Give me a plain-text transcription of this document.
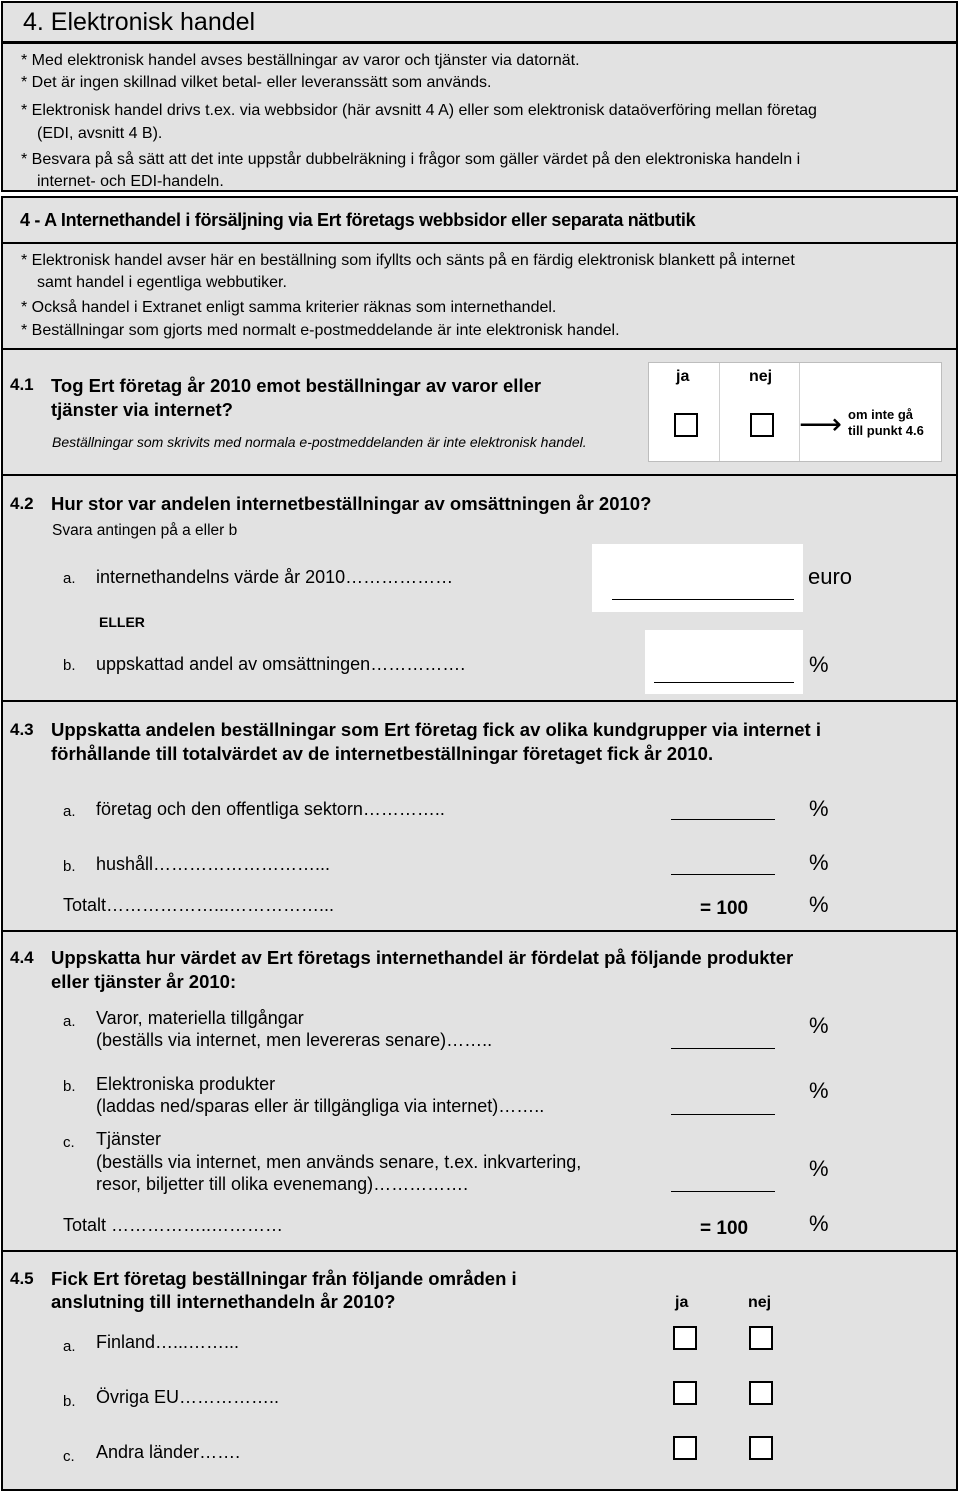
4. Elektronisk handel
* Med elektronisk handel avses beställningar av varor och tjänster via datornät.
* Det är ingen skillnad vilket betal- eller leveranssätt som används.
* Elektronisk handel drivs t.ex. via webbsidor (här avsnitt 4 A) eller som elektronisk dataöverföring mellan företag
(EDI, avsnitt 4 B).
* Besvara på så sätt att det inte uppstår dubbelräkning i frågor som gäller värdet på den elektroniska handeln i
internet- och EDI-handeln.
4 - A Internethandel i försäljning via Ert företags webbsidor eller separata nätbutik
* Elektronisk handel avser här en beställning som ifyllts och sänts på en färdig elektronisk blankett på internet
samt handel i egentliga webbutiker.
* Också handel i Extranet enligt samma kriterier räknas som internethandel.
* Beställningar som gjorts med normalt e-postmeddelande är inte elektronisk handel.
4.1 Tog Ert företag år 2010 emot beställningar av varor eller
tjänster via internet?
Beställningar som skrivits med normala e-postmeddelanden är inte elektronisk handel.
ja	nej
⟶ om inte gå
till punkt 4.6
4.2 Hur stor var andelen internetbeställningar av omsättningen år 2010?
Svara antingen på a eller b
a. internethandelns värde år 2010………………	euro
ELLER
b. uppskattad andel av omsättningen…………….	%
4.3 Uppskatta andelen beställningar som Ert företag fick av olika kundgrupper via internet i
förhållande till totalvärdet av de internetbeställningar företaget fick år 2010.
a. företag och den offentliga sektorn…………..	%
b. hushåll………………………...	%
Totalt………………...……………...	= 100	%
4.4 Uppskatta hur värdet av Ert företags internethandel är fördelat på följande produkter
eller tjänster år 2010:
a. Varor, materiella tillgångar
(beställs via internet, men levereras senare)……..
%
b. Elektroniska produkter
(laddas ned/sparas eller är tillgängliga via internet)……..
%
c. Tjänster
(beställs via internet, men används senare, t.ex. inkvartering,
resor, biljetter till olika evenemang)…………….
%
Totalt ……………..…………	= 100	%
4.5 Fick Ert företag beställningar från följande områden i
anslutning till internethandeln år 2010?	ja	nej
a. Finland…...……...
b. Övriga EU……………..
c. Andra länder…….
